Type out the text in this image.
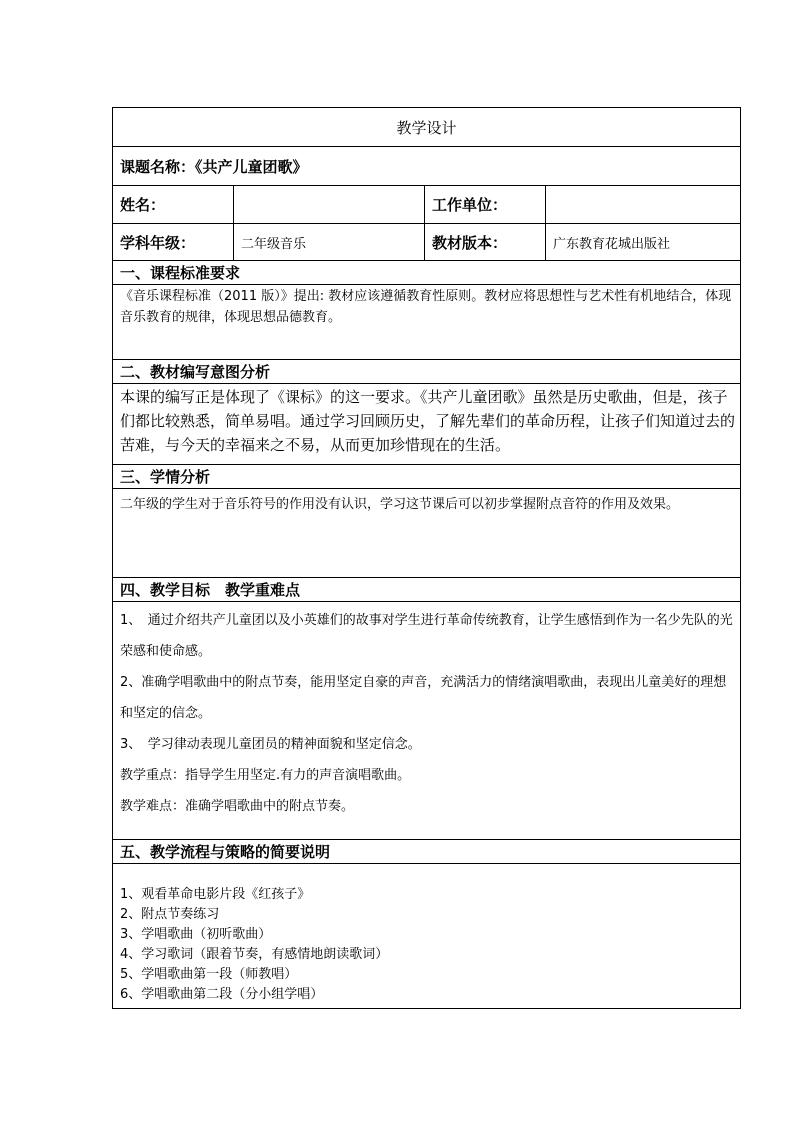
教学设计
课题名称：《共产儿童团歌》
姓名：	工作单位：
学科年级：	二年级音乐	教材版本：	广东教育花城出版社
一、课程标准要求
《音乐课程标准（2011 版）》提出: 教材应该遵循教育性原则。教材应将思想性与艺术性有机地结合，体现音乐教育的规律，体现思想品德教育。
二、教材编写意图分析
本课的编写正是体现了《课标》的这一要求。《共产儿童团歌》虽然是历史歌曲，但是，孩子们都比较熟悉，简单易唱。通过学习回顾历史，了解先辈们的革命历程，让孩子们知道过去的苦难，与今天的幸福来之不易，从而更加珍惜现在的生活。
三、学情分析
二年级的学生对于音乐符号的作用没有认识，学习这节课后可以初步掌握附点音符的作用及效果。
四、教学目标　教学重难点

1、　通过介绍共产儿童团以及小英雄们的故事对学生进行革命传统教育，让学生感悟到作为一名少先队的光荣感和使命感。

2、准确学唱歌曲中的附点节奏，能用坚定自豪的声音，充满活力的情绪演唱歌曲，表现出儿童美好的理想和坚定的信念。

3、　学习律动表现儿童团员的精神面貌和坚定信念。

教学重点：指导学生用坚定.有力的声音演唱歌曲。

教学难点：准确学唱歌曲中的附点节奏。

五、教学流程与策略的简要说明

1、观看革命电影片段《红孩子》

2、附点节奏练习

3、学唱歌曲（初听歌曲）

4、学习歌词（跟着节奏，有感情地朗读歌词）

5、学唱歌曲第一段（师教唱）

6、学唱歌曲第二段（分小组学唱）
